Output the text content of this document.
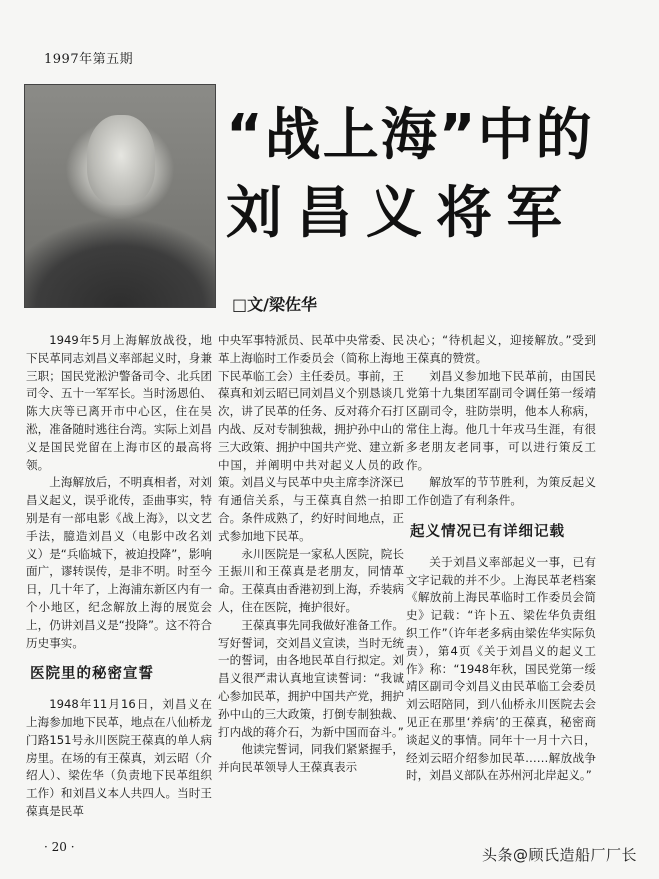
1997年第五期
“战上海”中的
刘昌义将军
□文/梁佐华

1949年5月上海解放战役，地下民革同志刘昌义率部起义时，身兼三职；国民党淞沪警备司令、北兵团司令、五十一军军长。当时汤恩伯、陈大庆等已离开市中心区，住在吴淞，准备随时逃往台湾。实际上刘昌义是国民党留在上海市区的最高将领。

上海解放后，不明真相者，对刘昌义起义，误乎讹传，歪曲事实，特别是有一部电影《战上海》，以文艺手法，臆造刘昌义（电影中改名刘义）是“兵临城下，被迫投降”，影响面广，谬转误传，是非不明。时至今日，几十年了，上海浦东新区内有一个小地区，纪念解放上海的展览会上，仍讲刘昌义是“投降”。这不符合历史事实。

医院里的秘密宣誓

1948年11月16日，刘昌义在上海参加地下民革，地点在八仙桥龙门路151号永川医院王葆真的单人病房里。在场的有王葆真，刘云昭（介绍人）、梁佐华（负责地下民革组织工作）和刘昌义本人共四人。当时王葆真是民革

中央军事特派员、民革中央常委、民革上海临时工作委员会（简称上海地下民革临工会）主任委员。事前，王葆真和刘云昭已同刘昌义个别恳谈几次，讲了民革的任务、反对蒋介石打内战、反对专制独裁，拥护孙中山的三大政策、拥护中国共产党、建立新中国，并阐明中共对起义人员的政策。刘昌义与民革中央主席李济深已有通信关系，与王葆真自然一拍即合。条件成熟了，约好时间地点，正式参加地下民革。

永川医院是一家私人医院，院长王振川和王葆真是老朋友，同情革命。王葆真由香港初到上海，乔装病人，住在医院，掩护很好。

王葆真事先同我做好准备工作。写好誓词，交刘昌义宣读，当时无统一的誓词，由各地民革自行拟定。刘昌义很严肃认真地宣读誓词：“我诚心参加民革，拥护中国共产党，拥护孙中山的三大政策，打倒专制独裁、打内战的蒋介石，为新中国而奋斗。”

他读完誓词，同我们紧紧握手，并向民革领导人王葆真表示

决心；“待机起义，迎接解放。”受到王葆真的赞赏。

刘昌义参加地下民革前，由国民党第十九集团军副司令调任第一绥靖区副司令，驻防崇明，他本人称病，常住上海。他几十年戎马生涯，有很多老朋友老同事，可以进行策反工作。

解放军的节节胜利，为策反起义工作创造了有利条件。

起义情况已有详细记载

关于刘昌义率部起义一事，已有文字记载的并不少。上海民革老档案《解放前上海民革临时工作委员会简史》记载：“许卜五、梁佐华负责组织工作”（许年老多病由梁佐华实际负责），第4页《关于刘昌义的起义工作》称：“1948年秋，国民党第一绥靖区副司令刘昌义由民革临工会委员刘云昭陪同，到八仙桥永川医院去会见正在那里‘养病’的王葆真，秘密商谈起义的事情。同年十一月十六日，经刘云昭介绍参加民革……解放战争时，刘昌义部队在苏州河北岸起义。”

· 20 ·	头条@顾氏造船厂厂长
